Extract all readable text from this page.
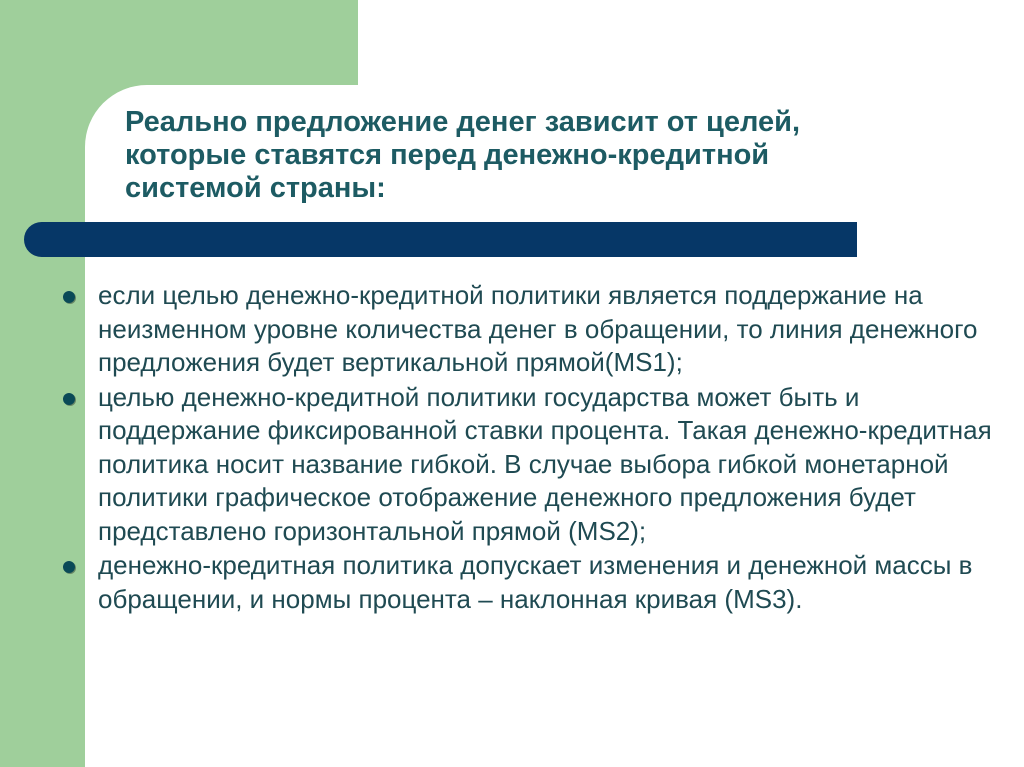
Реально предложение денег зависит от целей, которые ставятся перед денежно-кредитной системой страны:
если целью денежно-кредитной политики является поддержание на неизменном уровне количества денег в обращении, то линия денежного предложения будет вертикальной прямой(MS1);
целью денежно-кредитной политики государства может быть и поддержание фиксированной ставки процента. Такая денежно-кредитная политика носит название гибкой. В случае выбора гибкой монетарной политики графическое отображение денежного предложения будет представлено горизонтальной прямой (MS2);
денежно-кредитная политика допускает изменения и денежной массы в обращении, и нормы процента – наклонная кривая (MS3).
